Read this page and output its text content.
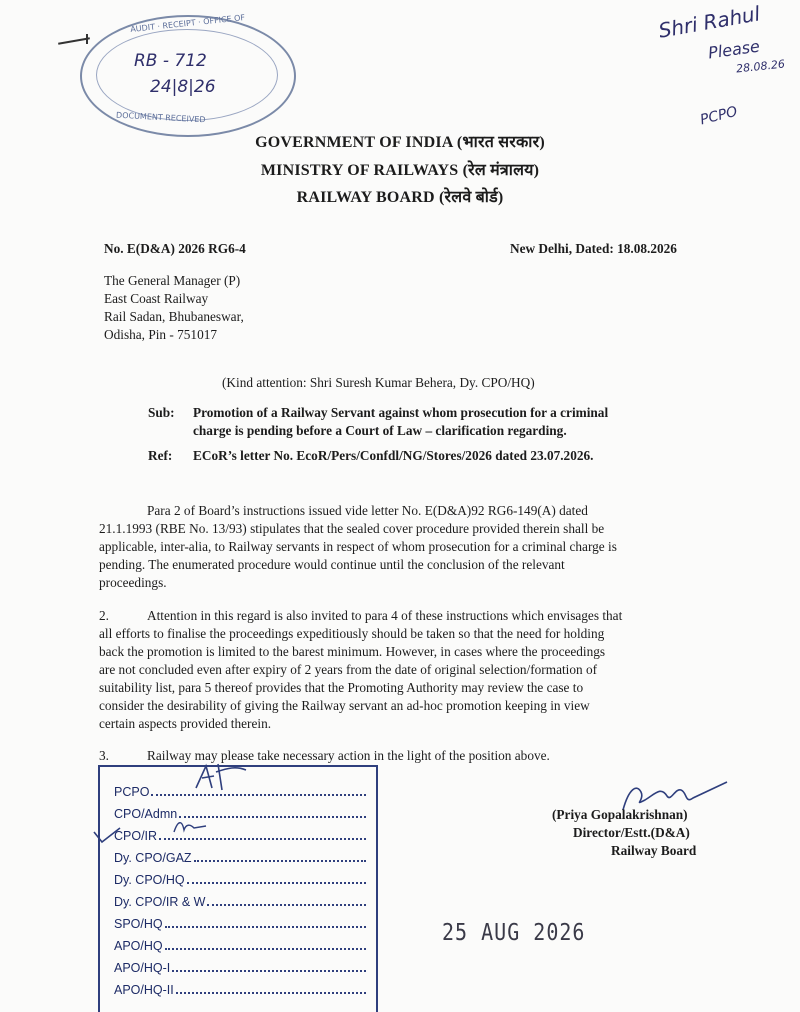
AUDIT · RECEIPT · OFFICE OF
DOCUMENT RECEIVED
RB - 712
24|8|26
Shri Rahul
Please
28.08.26
PCPO
GOVERNMENT OF INDIA (भारत सरकार)
MINISTRY OF RAILWAYS (रेल मंत्रालय)
RAILWAY BOARD (रेलवे बोर्ड)
No. E(D&A) 2026 RG6-4	New Delhi, Dated: 18.08.2026
The General Manager (P)
East Coast Railway
Rail Sadan, Bhubaneswar,
Odisha, Pin - 751017
(Kind attention: Shri Suresh Kumar Behera, Dy. CPO/HQ)
Sub: Promotion of a Railway Servant against whom prosecution for a criminal
charge is pending before a Court of Law – clarification regarding.
Ref: ECoR’s letter No. EcoR/Pers/Confdl/NG/Stores/2026 dated 23.07.2026.
Para 2 of Board’s instructions issued vide letter No. E(D&A)92 RG6-149(A) dated
21.1.1993 (RBE No. 13/93) stipulates that the sealed cover procedure provided therein shall be
applicable, inter-alia, to Railway servants in respect of whom prosecution for a criminal charge is
pending. The enumerated procedure would continue until the conclusion of the relevant
proceedings.
2.	Attention in this regard is also invited to para 4 of these instructions which envisages that
all efforts to finalise the proceedings expeditiously should be taken so that the need for holding
back the promotion is limited to the barest minimum. However, in cases where the proceedings
are not concluded even after expiry of 2 years from the date of original selection/formation of
suitability list, para 5 thereof provides that the Promoting Authority may review the case to
consider the desirability of giving the Railway servant an ad-hoc promotion keeping in view
certain aspects provided therein.
3.	Railway may please take necessary action in the light of the position above.
(Priya Gopalakrishnan)
Director/Estt.(D&A)
Railway Board
PCPO
CPO/Admn
CPO/IR
Dy. CPO/GAZ
Dy. CPO/HQ
Dy. CPO/IR & W
SPO/HQ
APO/HQ
APO/HQ-I
APO/HQ-II
25 AUG 2026
